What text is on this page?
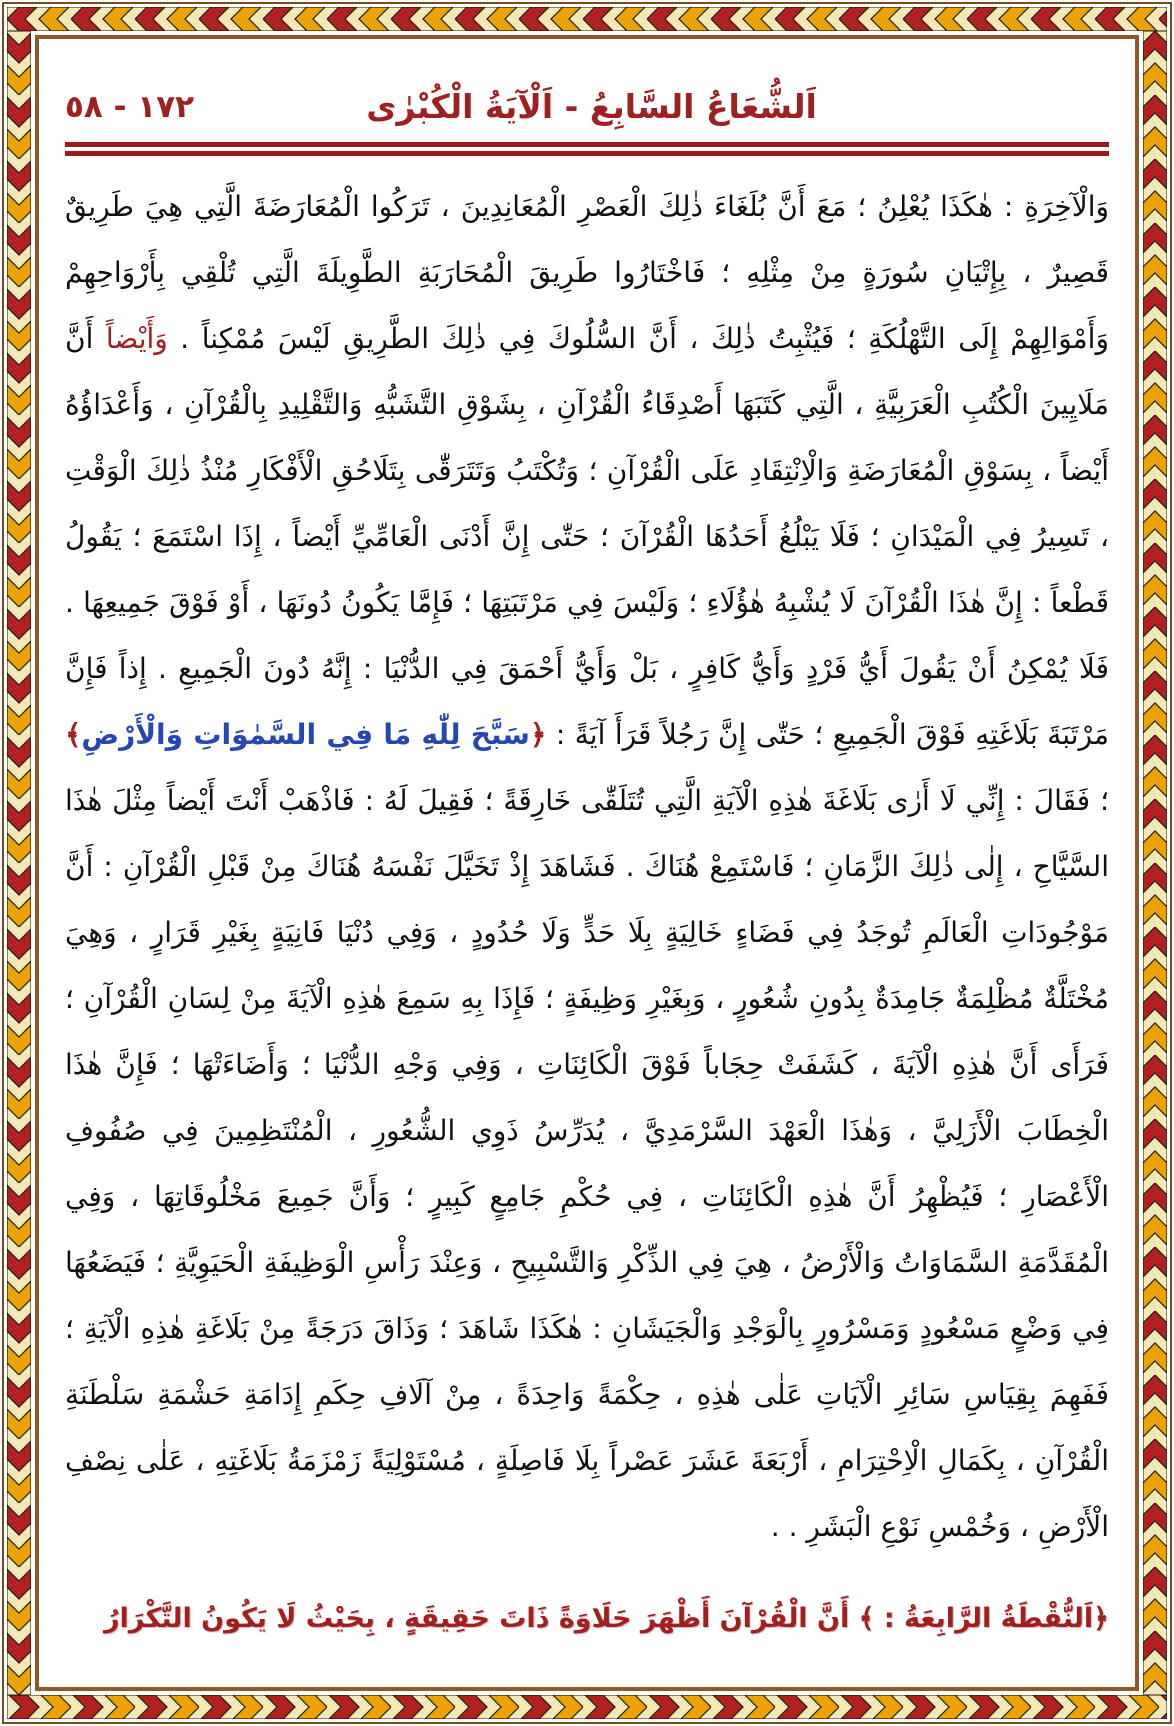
اَلشُّعَاعُ السَّابِعُ - اَلْآيَةُ الْكُبْرٰى
١٧٢ - ٥٨

وَالْآخِرَةِ : هٰكَذَا يُعْلِنُ ؛ مَعَ أَنَّ بُلَغَاءَ ذٰلِكَ الْعَصْرِ الْمُعَانِدِينَ ، تَرَكُوا الْمُعَارَضَةَ الَّتِي هِيَ طَرِيقٌ قَصِيرٌ ، بِإِتْيَانِ سُورَةٍ مِنْ مِثْلِهِ ؛ فَاخْتَارُوا طَرِيقَ الْمُحَارَبَةِ الطَّوِيلَةَ الَّتِي تُلْقِي بِأَرْوَاحِهِمْ وَأَمْوَالِهِمْ إِلَى التَّهْلُكَةِ ؛ فَيُثْبِتُ ذٰلِكَ ، أَنَّ السُّلُوكَ فِي ذٰلِكَ الطَّرِيقِ لَيْسَ مُمْكِناً . وَأَيْضاً أَنَّ مَلَايِينَ الْكُتُبِ الْعَرَبِيَّةِ ، الَّتِي كَتَبَهَا أَصْدِقَاءُ الْقُرْآنِ ، بِشَوْقِ التَّشَبُّهِ وَالتَّقْلِيدِ بِالْقُرْآنِ ، وَأَعْدَاؤُهُ أَيْضاً ، بِسَوْقِ الْمُعَارَضَةِ وَالْاِنْتِقَادِ عَلَى الْقُرْآنِ ؛ وَتُكْتَبُ وَتَتَرَقّٰى بِتَلَاحُقِ الْأَفْكَارِ مُنْذُ ذٰلِكَ الْوَقْتِ ، تَسِيرُ فِي الْمَيْدَانِ ؛ فَلَا يَبْلُغُ أَحَدُهَا الْقُرْآنَ ؛ حَتّٰى إِنَّ أَدْنَى الْعَامِّيِّ أَيْضاً ، إِذَا اسْتَمَعَ ؛ يَقُولُ قَطْعاً : إِنَّ هٰذَا الْقُرْآنَ لَا يُشْبِهُ هٰؤُلَاءِ ؛ وَلَيْسَ فِي مَرْتَبَتِهَا ؛ فَإِمَّا يَكُونُ دُونَهَا ، أَوْ فَوْقَ جَمِيعِهَا . فَلَا يُمْكِنُ أَنْ يَقُولَ أَيُّ فَرْدٍ وَأَيُّ كَافِرٍ ، بَلْ وَأَيُّ أَحْمَقَ فِي الدُّنْيَا : إِنَّهُ دُونَ الْجَمِيعِ . إِذاً فَإِنَّ مَرْتَبَةَ بَلَاغَتِهِ فَوْقَ الْجَمِيعِ ؛ حَتّٰى إِنَّ رَجُلاً قَرَأَ آيَةً : ﴿سَبَّحَ لِلّٰهِ مَا فِي السَّمٰوَاتِ وَالْأَرْضِ﴾ ؛ فَقَالَ : إِنِّي لَا أَرٰى بَلَاغَةَ هٰذِهِ الْآيَةِ الَّتِي تُتَلَقّٰى خَارِقَةً ؛ فَقِيلَ لَهُ : فَاذْهَبْ أَنْتَ أَيْضاً مِثْلَ هٰذَا السَّيَّاحِ ، إِلٰى ذٰلِكَ الزَّمَانِ ؛ فَاسْتَمِعْ هُنَاكَ . فَشَاهَدَ إِذْ تَخَيَّلَ نَفْسَهُ هُنَاكَ مِنْ قَبْلِ الْقُرْآنِ : أَنَّ مَوْجُودَاتِ الْعَالَمِ تُوجَدُ فِي فَضَاءٍ خَالِيَةٍ بِلَا حَدٍّ وَلَا حُدُودٍ ، وَفِي دُنْيَا فَانِيَةٍ بِغَيْرِ قَرَارٍ ، وَهِيَ مُخْتَلَّةٌ مُظْلِمَةٌ جَامِدَةٌ بِدُونِ شُعُورٍ ، وَبِغَيْرِ وَظِيفَةٍ ؛ فَإِذَا بِهِ سَمِعَ هٰذِهِ الْآيَةَ مِنْ لِسَانِ الْقُرْآنِ ؛ فَرَأَى أَنَّ هٰذِهِ الْآيَةَ ، كَشَفَتْ حِجَاباً فَوْقَ الْكَائِنَاتِ ، وَفِي وَجْهِ الدُّنْيَا ؛ وَأَضَاءَتْهَا ؛ فَإِنَّ هٰذَا الْخِطَابَ الْأَزَلِيَّ ، وَهٰذَا الْعَهْدَ السَّرْمَدِيَّ ، يُدَرِّسُ ذَوِي الشُّعُورِ ، الْمُنْتَظِمِينَ فِي صُفُوفِ الْأَعْصَارِ ؛ فَيُظْهِرُ أَنَّ هٰذِهِ الْكَائِنَاتِ ، فِي حُكْمِ جَامِعٍ كَبِيرٍ ؛ وَأَنَّ جَمِيعَ مَخْلُوقَاتِهَا ، وَفِي الْمُقَدَّمَةِ السَّمَاوَاتُ وَالْأَرْضُ ، هِيَ فِي الذِّكْرِ وَالتَّسْبِيحِ ، وَعِنْدَ رَأْسِ الْوَظِيفَةِ الْحَيَوِيَّةِ ؛ فَيَضَعُهَا فِي وَضْعٍ مَسْعُودٍ وَمَسْرُورٍ بِالْوَجْدِ وَالْجَيَشَانِ : هٰكَذَا شَاهَدَ ؛ وَذَاقَ دَرَجَةً مِنْ بَلَاغَةِ هٰذِهِ الْآيَةِ ؛ فَفَهِمَ بِقِيَاسِ سَائِرِ الْآيَاتِ عَلٰى هٰذِهِ ، حِكْمَةً وَاحِدَةً ، مِنْ آلَافِ حِكَمِ إِدَامَةِ حَشْمَةِ سَلْطَنَةِ الْقُرْآنِ ، بِكَمَالِ الْاِحْتِرَامِ ، أَرْبَعَةَ عَشَرَ عَصْراً بِلَا فَاصِلَةٍ ، مُسْتَوْلِيَةً زَمْزَمَةُ بَلَاغَتِهِ ، عَلٰى نِصْفِ الْأَرْضِ ، وَخُمْسِ نَوْعِ الْبَشَرِ . .

﴿اَلنُّقْطَةُ الرَّابِعَةُ : ﴾ أَنَّ الْقُرْآنَ أَظْهَرَ حَلَاوَةً ذَاتَ حَقِيقَةٍ ، بِحَيْثُ لَا يَكُونُ التَّكْرَارُ
